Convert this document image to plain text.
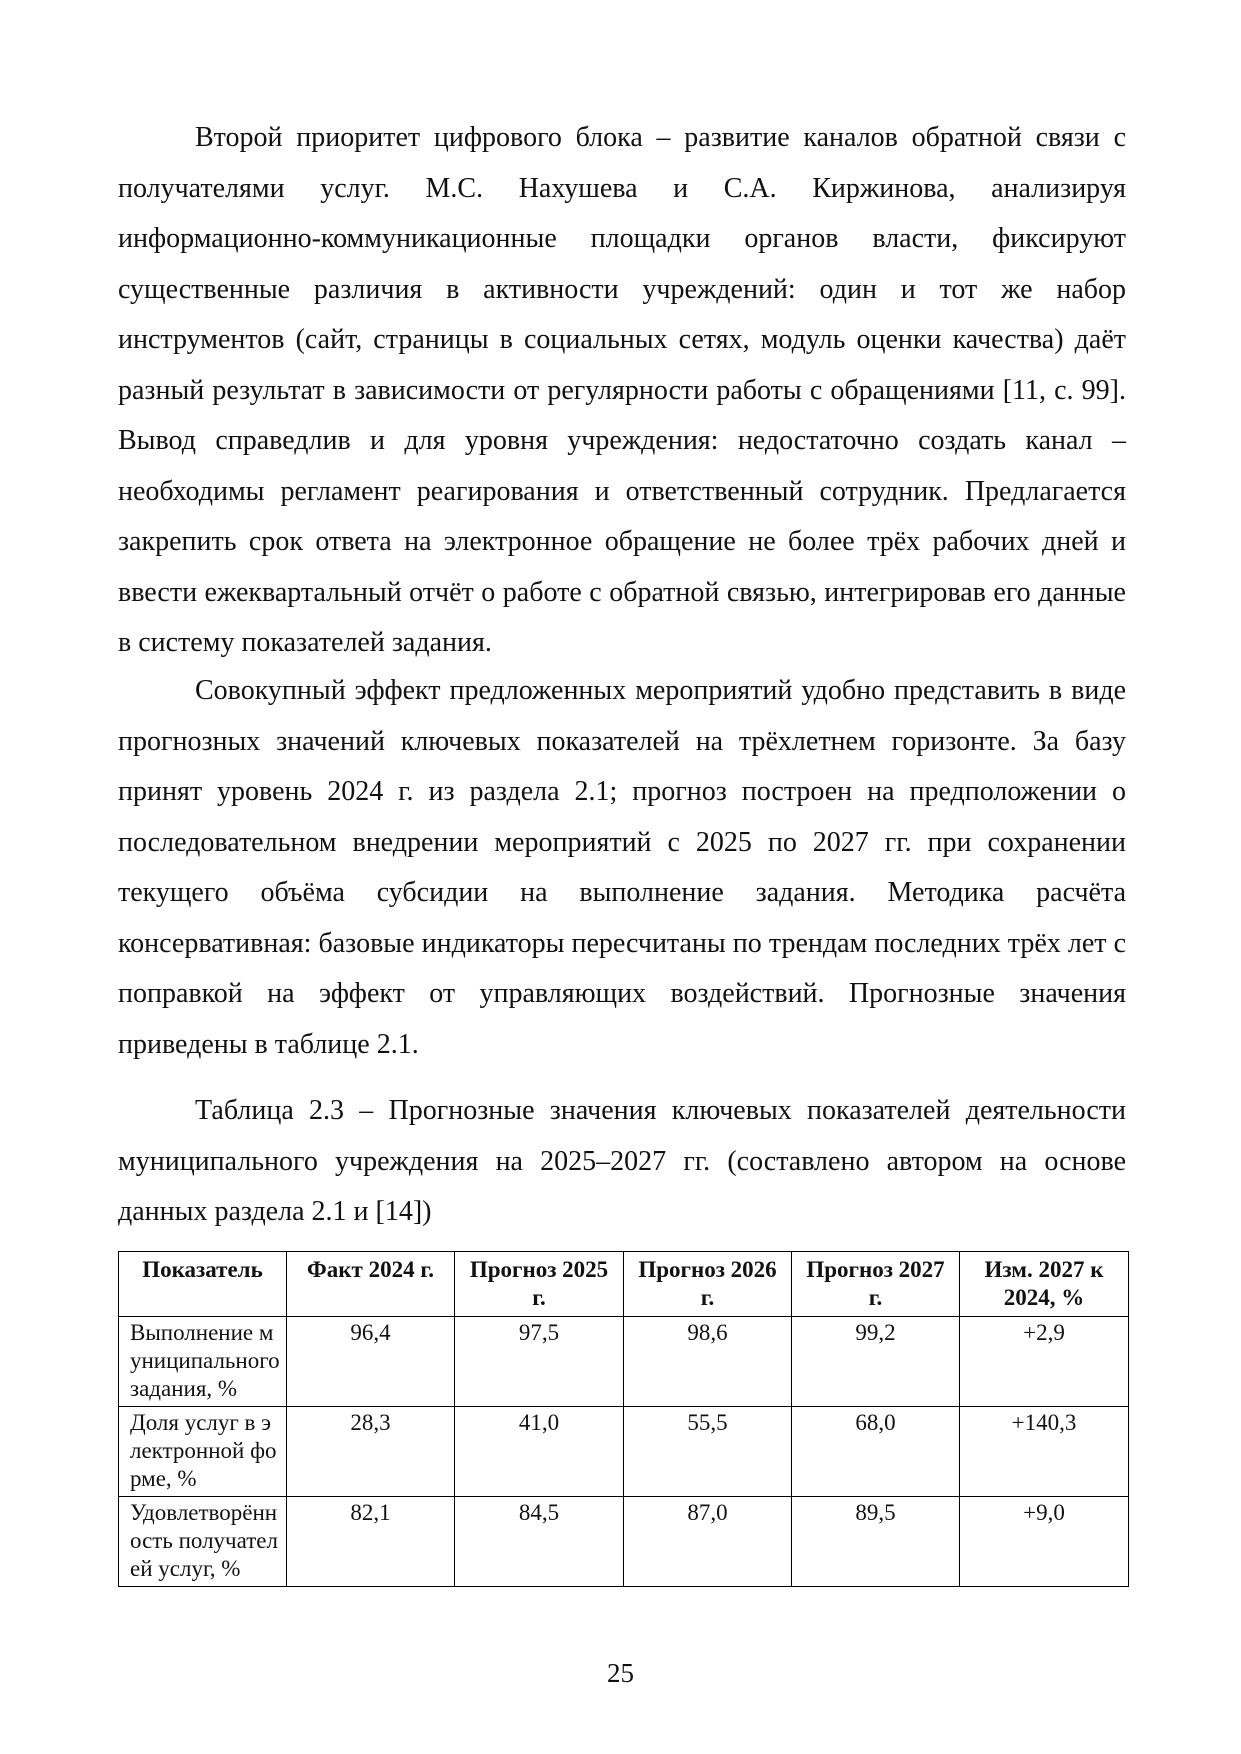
Второй приоритет цифрового блока – развитие каналов обратной связи с получателями услуг. М.С. Нахушева и С.А. Киржинова, анализируя информационно-коммуникационные площадки органов власти, фиксируют существенные различия в активности учреждений: один и тот же набор инструментов (сайт, страницы в социальных сетях, модуль оценки качества) даёт разный результат в зависимости от регулярности работы с обращениями [11, с. 99]. Вывод справедлив и для уровня учреждения: недостаточно создать канал – необходимы регламент реагирования и ответственный сотрудник. Предлагается закрепить срок ответа на электронное обращение не более трёх рабочих дней и ввести ежеквартальный отчёт о работе с обратной связью, интегрировав его данные в систему показателей задания.

Совокупный эффект предложенных мероприятий удобно представить в виде прогнозных значений ключевых показателей на трёхлетнем горизонте. За базу принят уровень 2024 г. из раздела 2.1; прогноз построен на предположении о последовательном внедрении мероприятий с 2025 по 2027 гг. при сохранении текущего объёма субсидии на выполнение задания. Методика расчёта консервативная: базовые индикаторы пересчитаны по трендам последних трёх лет с поправкой на эффект от управляющих воздействий. Прогнозные значения приведены в таблице 2.1.

Таблица 2.3 – Прогнозные значения ключевых показателей деятельности муниципального учреждения на 2025–2027 гг. (составлено автором на основе данных раздела 2.1 и [14])

Показатель	Факт 2024 г.	Прогноз 2025 г.	Прогноз 2026 г.	Прогноз 2027 г.	Изм. 2027 к 2024, %
Выполнение муниципального задания, %	96,4	97,5	98,6	99,2	+2,9
Доля услуг в электронной форме, %	28,3	41,0	55,5	68,0	+140,3
Удовлетворённость получателей услуг, %	82,1	84,5	87,0	89,5	+9,0
25
